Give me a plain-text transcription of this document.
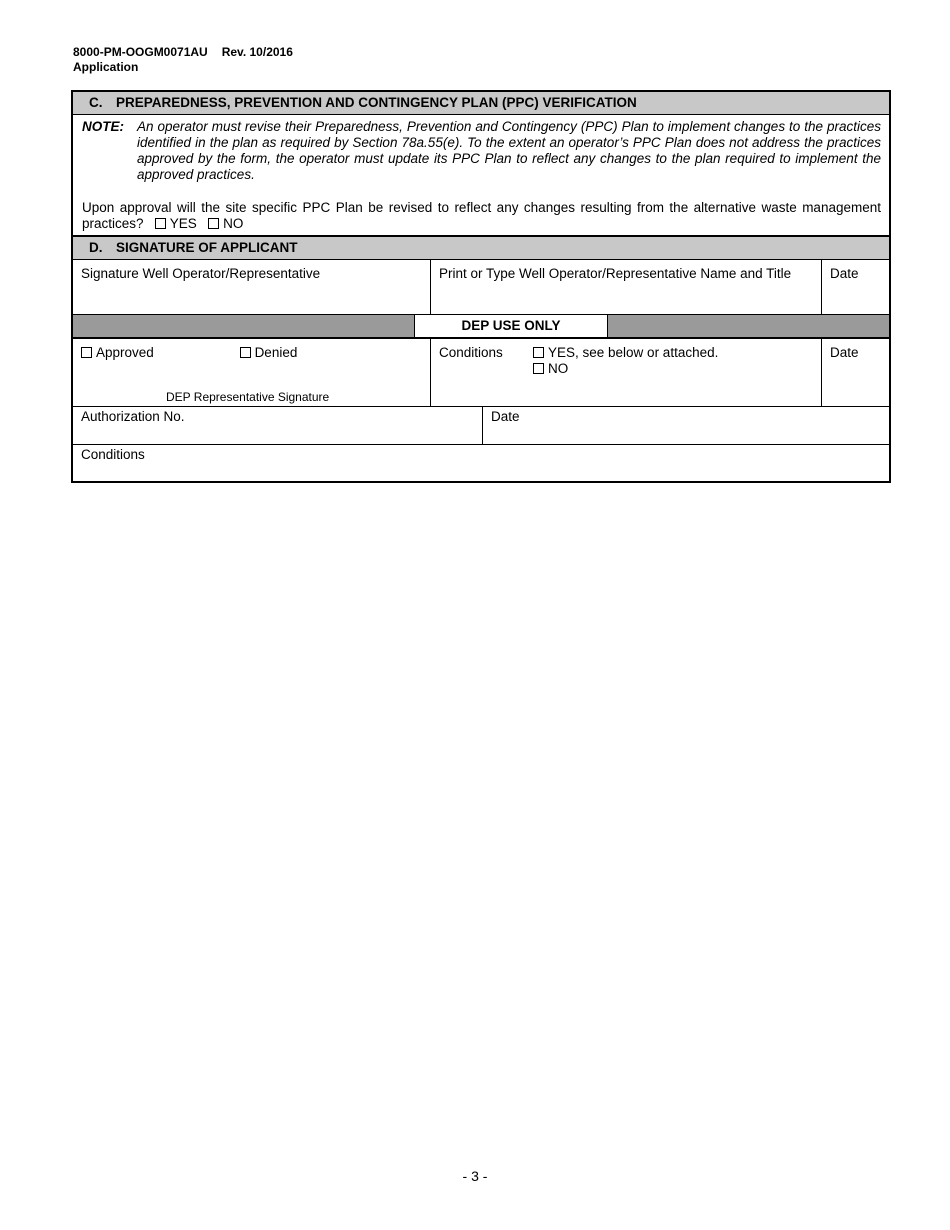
8000-PM-OOGM0071AU Rev. 10/2016
Application
C. PREPAREDNESS, PREVENTION AND CONTINGENCY PLAN (PPC) VERIFICATION
NOTE: An operator must revise their Preparedness, Prevention and Contingency (PPC) Plan to implement changes to the practices identified in the plan as required by Section 78a.55(e). To the extent an operator’s PPC Plan does not address the practices approved by the form, the operator must update its PPC Plan to reflect any changes to the plan required to implement the approved practices.
Upon approval will the site specific PPC Plan be revised to reflect any changes resulting from the alternative waste management practices? YES NO
D. SIGNATURE OF APPLICANT
Signature Well Operator/Representative	Print or Type Well Operator/Representative Name and Title	Date
DEP USE ONLY
Approved	Denied
DEP Representative Signature
Conditions	YES, see below or attached.
NO
Date
Authorization No.	Date
Conditions
- 3 -
